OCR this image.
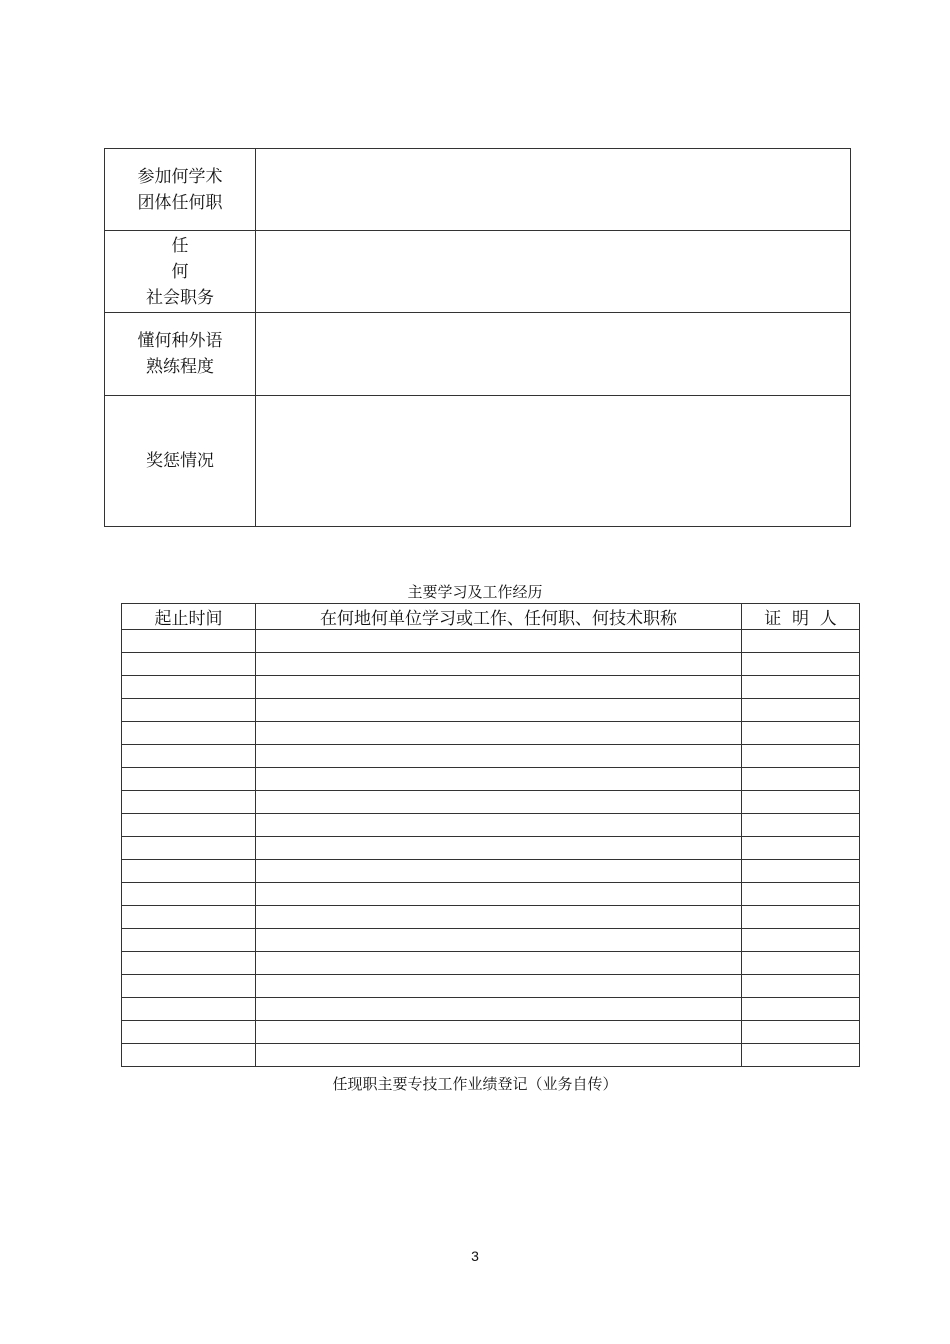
参加何学术
团体任何职	

任
何
社会职务	

懂何种外语
熟练程度	

奖惩情况	

主要学习及工作经历
起止时间	在何地何单位学习或工作、任何职、何技术职称	证  明  人

任现职主要专技工作业绩登记（业务自传）
3
